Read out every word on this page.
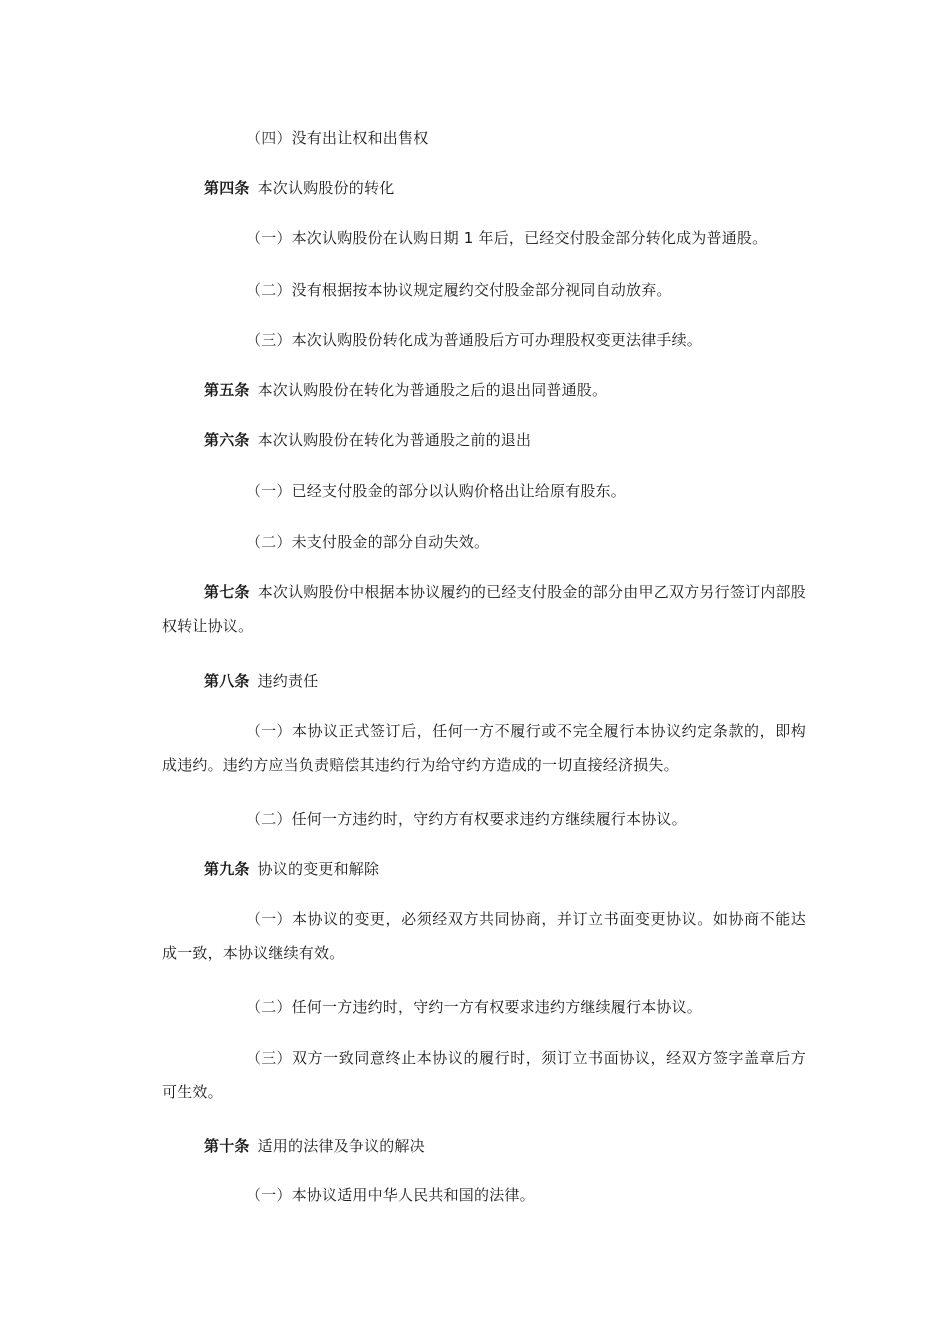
（四）没有出让权和出售权

第四条 本次认购股份的转化

（一）本次认购股份在认购日期 1 年后，已经交付股金部分转化成为普通股。

（二）没有根据按本协议规定履约交付股金部分视同自动放弃。

（三）本次认购股份转化成为普通股后方可办理股权变更法律手续。

第五条 本次认购股份在转化为普通股之后的退出同普通股。

第六条 本次认购股份在转化为普通股之前的退出

（一）已经支付股金的部分以认购价格出让给原有股东。

（二）未支付股金的部分自动失效。

第七条 本次认购股份中根据本协议履约的已经支付股金的部分由甲乙双方另行签订内部股权转让协议。

第八条 违约责任

（一）本协议正式签订后，任何一方不履行或不完全履行本协议约定条款的，即构成违约。违约方应当负责赔偿其违约行为给守约方造成的一切直接经济损失。

（二）任何一方违约时，守约方有权要求违约方继续履行本协议。

第九条 协议的变更和解除

（一）本协议的变更，必须经双方共同协商，并订立书面变更协议。如协商不能达成一致，本协议继续有效。

（二）任何一方违约时，守约一方有权要求违约方继续履行本协议。

（三）双方一致同意终止本协议的履行时，须订立书面协议，经双方签字盖章后方可生效。

第十条 适用的法律及争议的解决

（一）本协议适用中华人民共和国的法律。
